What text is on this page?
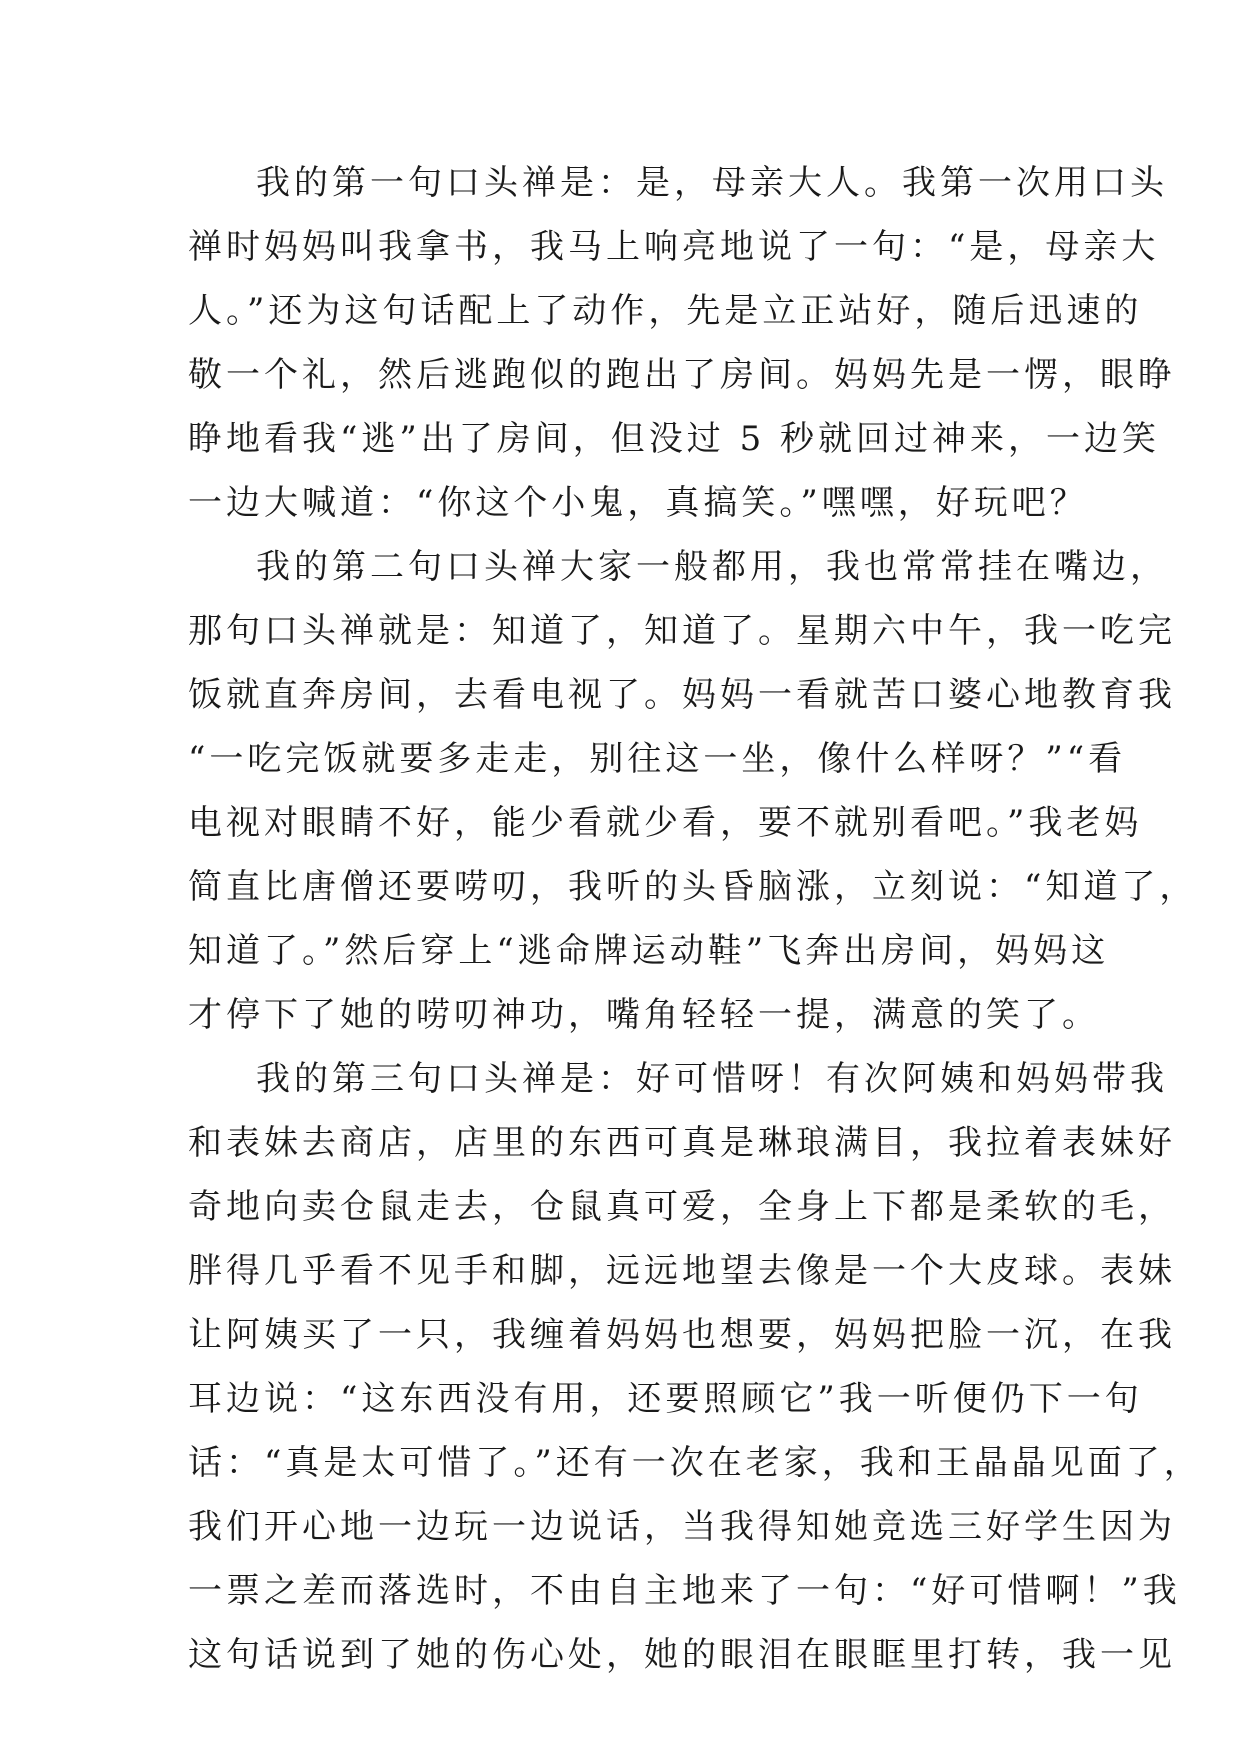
我的第一句口头禅是：是，母亲大人。我第一次用口头
禅时妈妈叫我拿书，我马上响亮地说了一句：“是，母亲大
人。”还为这句话配上了动作，先是立正站好，随后迅速的
敬一个礼，然后逃跑似的跑出了房间。妈妈先是一愣，眼睁
睁地看我“逃”出了房间，但没过 5 秒就回过神来，一边笑
一边大喊道：“你这个小鬼，真搞笑。”嘿嘿，好玩吧？
我的第二句口头禅大家一般都用，我也常常挂在嘴边，
那句口头禅就是：知道了，知道了。星期六中午，我一吃完
饭就直奔房间，去看电视了。妈妈一看就苦口婆心地教育我
“一吃完饭就要多走走，别往这一坐，像什么样呀？”“看
电视对眼睛不好，能少看就少看，要不就别看吧。”我老妈
简直比唐僧还要唠叨，我听的头昏脑涨，立刻说：“知道了，
知道了。”然后穿上“逃命牌运动鞋”飞奔出房间，妈妈这
才停下了她的唠叨神功，嘴角轻轻一提，满意的笑了。
我的第三句口头禅是：好可惜呀！有次阿姨和妈妈带我
和表妹去商店，店里的东西可真是琳琅满目，我拉着表妹好
奇地向卖仓鼠走去，仓鼠真可爱，全身上下都是柔软的毛，
胖得几乎看不见手和脚，远远地望去像是一个大皮球。表妹
让阿姨买了一只，我缠着妈妈也想要，妈妈把脸一沉，在我
耳边说：“这东西没有用，还要照顾它”我一听便仍下一句
话：“真是太可惜了。”还有一次在老家，我和王晶晶见面了，
我们开心地一边玩一边说话，当我得知她竞选三好学生因为
一票之差而落选时，不由自主地来了一句：“好可惜啊！”我
这句话说到了她的伤心处，她的眼泪在眼眶里打转，我一见
